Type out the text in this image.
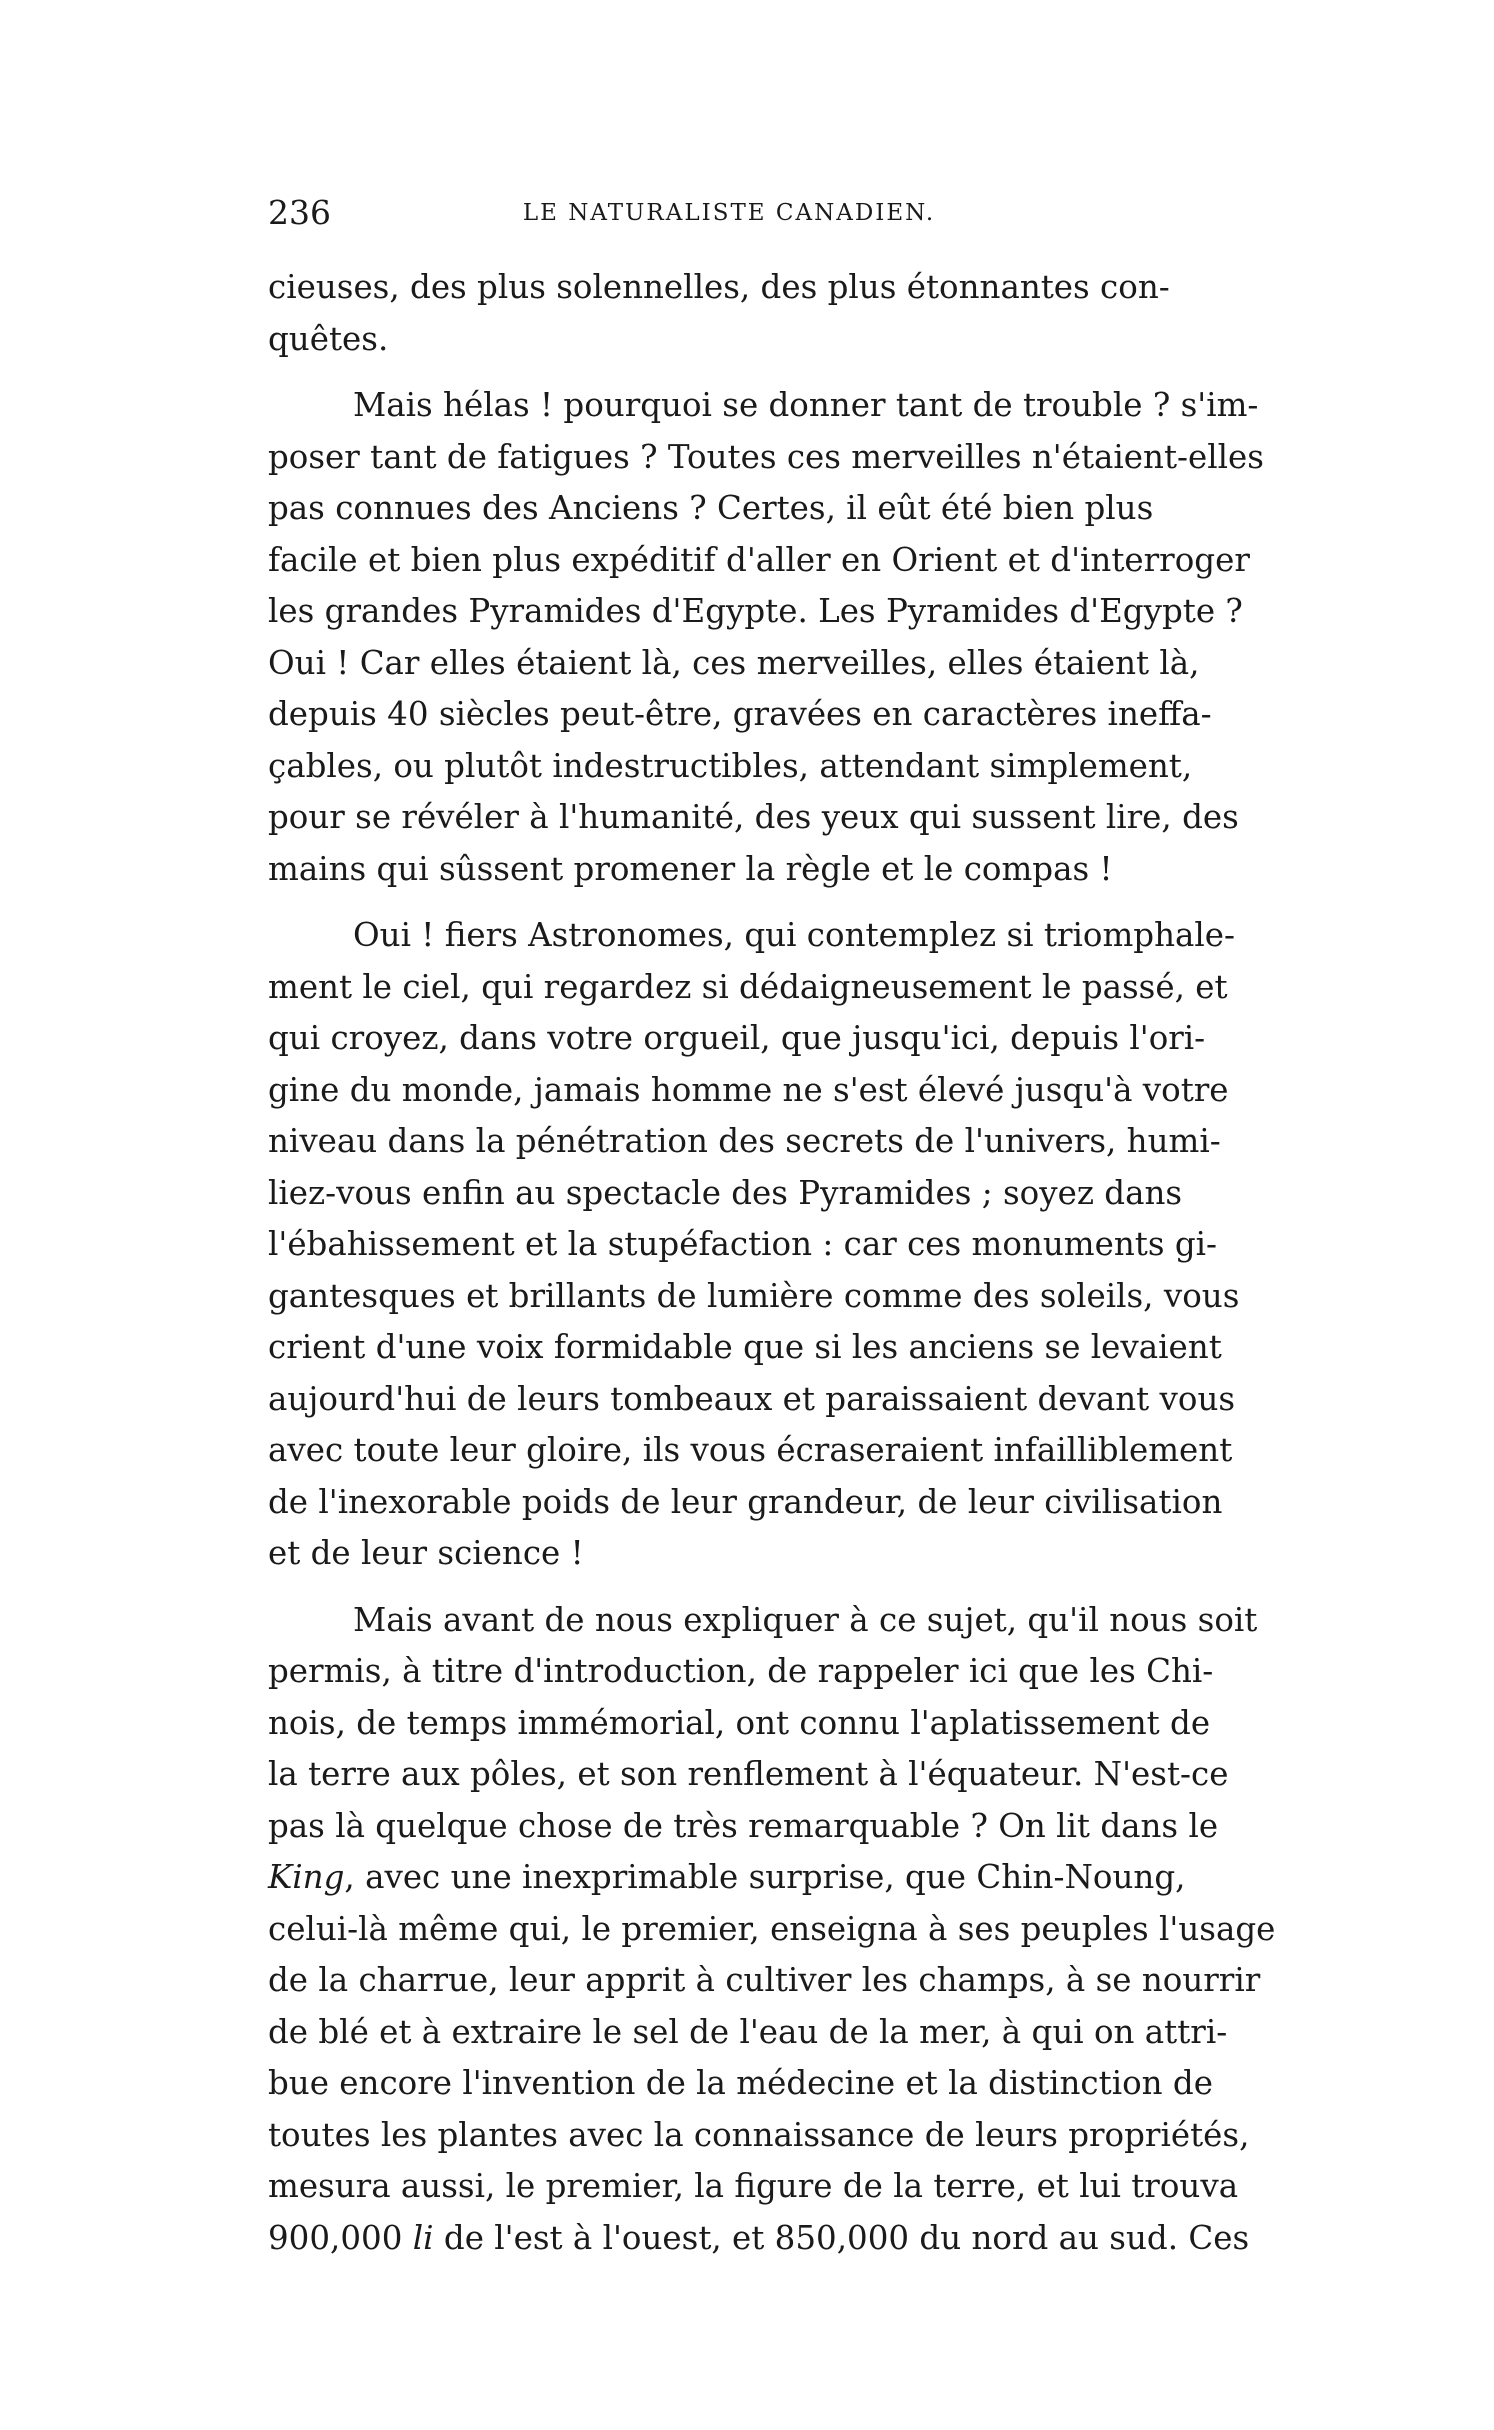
236	LE NATURALISTE CANADIEN.

cieuses, des plus solennelles, des plus étonnantes con-
quêtes.

Mais hélas ! pourquoi se donner tant de trouble ? s'im-
poser tant de fatigues ? Toutes ces merveilles n'étaient-elles
pas connues des Anciens ? Certes, il eût été bien plus
facile et bien plus expéditif d'aller en Orient et d'interroger
les grandes Pyramides d'Egypte. Les Pyramides d'Egypte ?
Oui ! Car elles étaient là, ces merveilles, elles étaient là,
depuis 40 siècles peut-être, gravées en caractères ineffa-
çables, ou plutôt indestructibles, attendant simplement,
pour se révéler à l'humanité, des yeux qui sussent lire, des
mains qui sûssent promener la règle et le compas !

Oui ! fiers Astronomes, qui contemplez si triomphale-
ment le ciel, qui regardez si dédaigneusement le passé, et
qui croyez, dans votre orgueil, que jusqu'ici, depuis l'ori-
gine du monde, jamais homme ne s'est élevé jusqu'à votre
niveau dans la pénétration des secrets de l'univers, humi-
liez-vous enfin au spectacle des Pyramides ; soyez dans
l'ébahissement et la stupéfaction : car ces monuments gi-
gantesques et brillants de lumière comme des soleils, vous
crient d'une voix formidable que si les anciens se levaient
aujourd'hui de leurs tombeaux et paraissaient devant vous
avec toute leur gloire, ils vous écraseraient infailliblement
de l'inexorable poids de leur grandeur, de leur civilisation
et de leur science !

Mais avant de nous expliquer à ce sujet, qu'il nous soit
permis, à titre d'introduction, de rappeler ici que les Chi-
nois, de temps immémorial, ont connu l'aplatissement de
la terre aux pôles, et son renflement à l'équateur. N'est-ce
pas là quelque chose de très remarquable ? On lit dans le
King, avec une inexprimable surprise, que Chin-Noung,
celui-là même qui, le premier, enseigna à ses peuples l'usage
de la charrue, leur apprit à cultiver les champs, à se nourrir
de blé et à extraire le sel de l'eau de la mer, à qui on attri-
bue encore l'invention de la médecine et la distinction de
toutes les plantes avec la connaissance de leurs propriétés,
mesura aussi, le premier, la figure de la terre, et lui trouva
900,000 li de l'est à l'ouest, et 850,000 du nord au sud. Ces
